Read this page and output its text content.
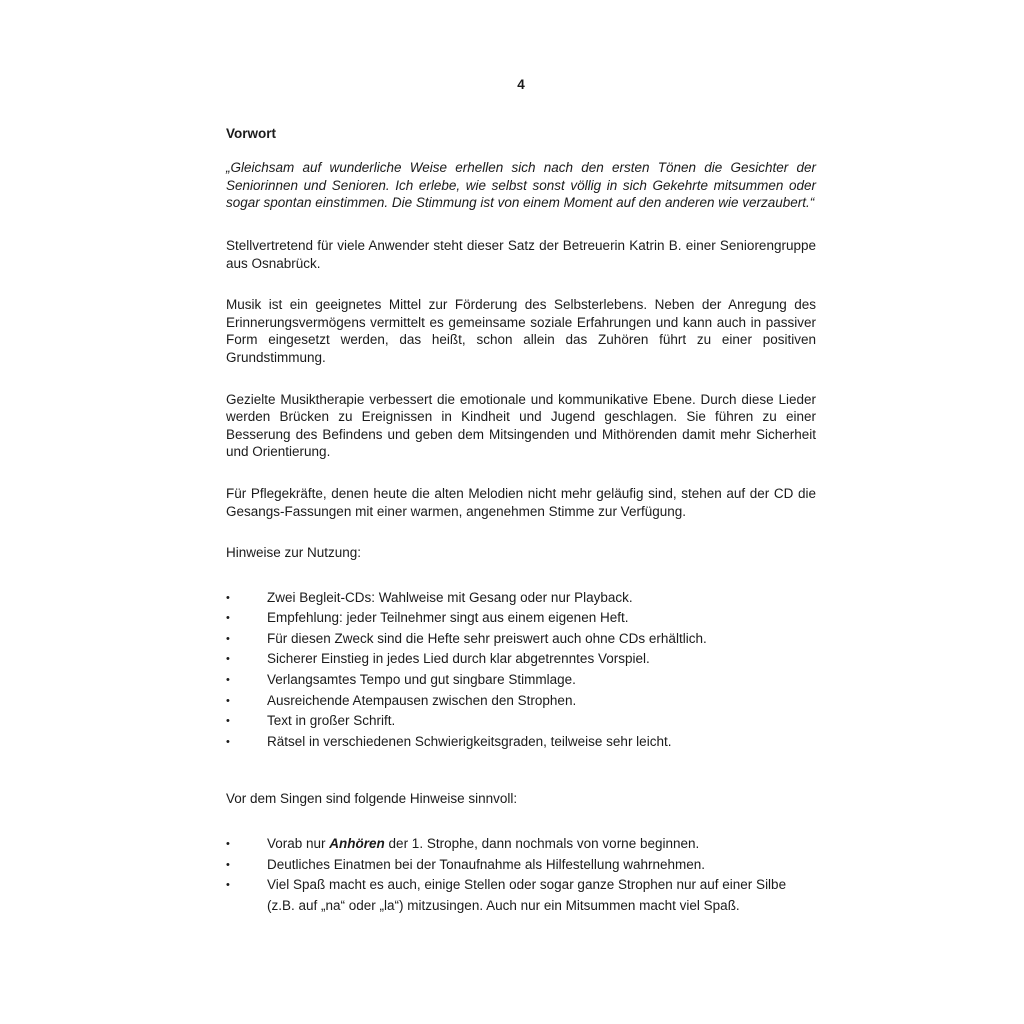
4
Vorwort

„Gleichsam auf wunderliche Weise erhellen sich nach den ersten Tönen die Gesichter der Seniorinnen und Senioren. Ich erlebe, wie selbst sonst völlig in sich Gekehrte mitsummen oder sogar spontan einstimmen. Die Stimmung ist von einem Moment auf den anderen wie verzaubert.“

Stellvertretend für viele Anwender steht dieser Satz der Betreuerin Katrin B. einer Seniorengruppe aus Osnabrück.

Musik ist ein geeignetes Mittel zur Förderung des Selbsterlebens. Neben der Anregung des Erinnerungsvermögens vermittelt es gemeinsame soziale Erfahrungen und kann auch in passiver Form eingesetzt werden, das heißt, schon allein das Zuhören führt zu einer positiven Grundstimmung.

Gezielte Musiktherapie verbessert die emotionale und kommunikative Ebene. Durch diese Lieder werden Brücken zu Ereignissen in Kindheit und Jugend geschlagen. Sie führen zu einer Besserung des Befindens und geben dem Mitsingenden und Mithörenden damit mehr Sicherheit und Orientierung.

Für Pflegekräfte, denen heute die alten Melodien nicht mehr geläufig sind, stehen auf der CD die Gesangs-Fassungen mit einer warmen, angenehmen Stimme zur Verfügung.

Hinweise zur Nutzung:
•	Zwei Begleit-CDs: Wahlweise mit Gesang oder nur Playback.
•	Empfehlung: jeder Teilnehmer singt aus einem eigenen Heft.
•	Für diesen Zweck sind die Hefte sehr preiswert auch ohne CDs erhältlich.
•	Sicherer Einstieg in jedes Lied durch klar abgetrenntes Vorspiel.
•	Verlangsamtes Tempo und gut singbare Stimmlage.
•	Ausreichende Atempausen zwischen den Strophen.
•	Text in großer Schrift.
•	Rätsel in verschiedenen Schwierigkeitsgraden, teilweise sehr leicht.
Vor dem Singen sind folgende Hinweise sinnvoll:
•	Vorab nur Anhören der 1. Strophe, dann nochmals von vorne beginnen.
•	Deutliches Einatmen bei der Tonaufnahme als Hilfestellung wahrnehmen.
•	Viel Spaß macht es auch, einige Stellen oder sogar ganze Strophen nur auf einer Silbe (z.B. auf „na“ oder „la“) mitzusingen. Auch nur ein Mitsummen macht viel Spaß.
